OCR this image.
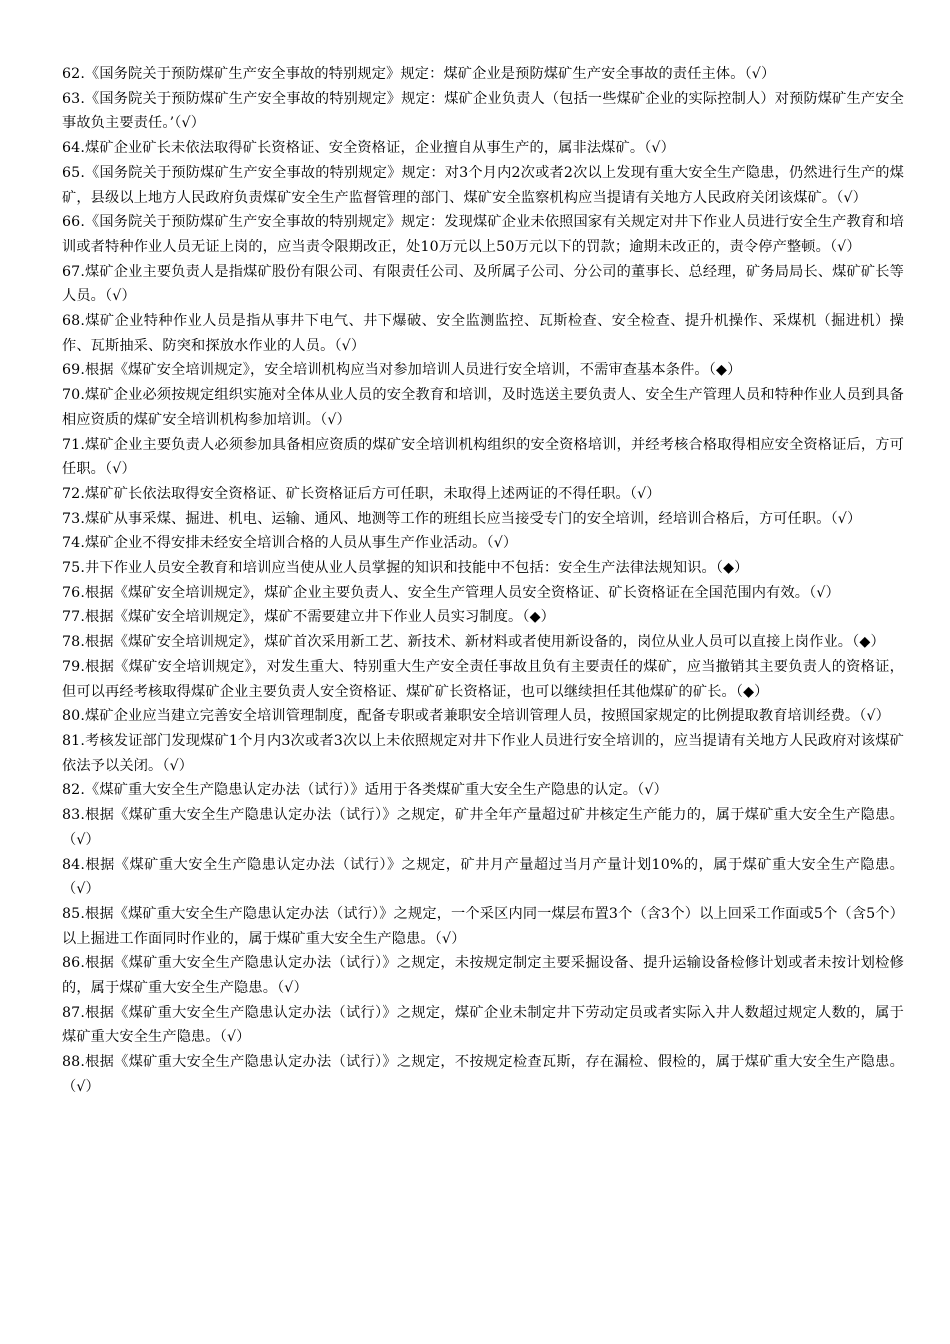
62.《国务院关于预防煤矿生产安全事故的特别规定》规定：煤矿企业是预防煤矿生产安全事故的责任主体。（√）

63.《国务院关于预防煤矿生产安全事故的特别规定》规定：煤矿企业负责人（包括一些煤矿企业的实际控制人）对预防煤矿生产安全事故负主要责任。’（√）

64.煤矿企业矿长未依法取得矿长资格证、安全资格证，企业擅自从事生产的，属非法煤矿。（√）

65.《国务院关于预防煤矿生产安全事故的特别规定》规定：对3个月内2次或者2次以上发现有重大安全生产隐患，仍然进行生产的煤矿，县级以上地方人民政府负责煤矿安全生产监督管理的部门、煤矿安全监察机构应当提请有关地方人民政府关闭该煤矿。（√）

66.《国务院关于预防煤矿生产安全事故的特别规定》规定：发现煤矿企业未依照国家有关规定对井下作业人员进行安全生产教育和培训或者特种作业人员无证上岗的，应当责令限期改正，处10万元以上50万元以下的罚款；逾期未改正的，责令停产整顿。（√）

67.煤矿企业主要负责人是指煤矿股份有限公司、有限责任公司、及所属子公司、分公司的董事长、总经理，矿务局局长、煤矿矿长等人员。（√）

68.煤矿企业特种作业人员是指从事井下电气、井下爆破、安全监测监控、瓦斯检查、安全检查、提升机操作、采煤机（掘进机）操作、瓦斯抽采、防突和探放水作业的人员。（√）

69.根据《煤矿安全培训规定》，安全培训机构应当对参加培训人员进行安全培训，不需审查基本条件。（◆）

70.煤矿企业必须按规定组织实施对全体从业人员的安全教育和培训，及时选送主要负责人、安全生产管理人员和特种作业人员到具备相应资质的煤矿安全培训机构参加培训。（√）

71.煤矿企业主要负责人必须参加具备相应资质的煤矿安全培训机构组织的安全资格培训，并经考核合格取得相应安全资格证后，方可任职。（√）

72.煤矿矿长依法取得安全资格证、矿长资格证后方可任职，未取得上述两证的不得任职。（√）

73.煤矿从事采煤、掘进、机电、运输、通风、地测等工作的班组长应当接受专门的安全培训，经培训合格后，方可任职。（√）

74.煤矿企业不得安排未经安全培训合格的人员从事生产作业活动。（√）

75.井下作业人员安全教育和培训应当使从业人员掌握的知识和技能中不包括：安全生产法律法规知识。（◆）

76.根据《煤矿安全培训规定》，煤矿企业主要负责人、安全生产管理人员安全资格证、矿长资格证在全国范围内有效。（√）

77.根据《煤矿安全培训规定》，煤矿不需要建立井下作业人员实习制度。（◆）

78.根据《煤矿安全培训规定》，煤矿首次采用新工艺、新技术、新材料或者使用新设备的，岗位从业人员可以直接上岗作业。（◆）

79.根据《煤矿安全培训规定》，对发生重大、特别重大生产安全责任事故且负有主要责任的煤矿，应当撤销其主要负责人的资格证，但可以再经考核取得煤矿企业主要负责人安全资格证、煤矿矿长资格证，也可以继续担任其他煤矿的矿长。（◆）

80.煤矿企业应当建立完善安全培训管理制度，配备专职或者兼职安全培训管理人员，按照国家规定的比例提取教育培训经费。（√）

81.考核发证部门发现煤矿1个月内3次或者3次以上未依照规定对井下作业人员进行安全培训的，应当提请有关地方人民政府对该煤矿依法予以关闭。（√）

82.《煤矿重大安全生产隐患认定办法（试行）》适用于各类煤矿重大安全生产隐患的认定。（√）

83.根据《煤矿重大安全生产隐患认定办法（试行）》之规定，矿井全年产量超过矿井核定生产能力的，属于煤矿重大安全生产隐患。（√）

84.根据《煤矿重大安全生产隐患认定办法（试行）》之规定，矿井月产量超过当月产量计划10%的，属于煤矿重大安全生产隐患。（√）

85.根据《煤矿重大安全生产隐患认定办法（试行）》之规定，一个采区内同一煤层布置3个（含3个）以上回采工作面或5个（含5个）以上掘进工作面同时作业的，属于煤矿重大安全生产隐患。（√）

86.根据《煤矿重大安全生产隐患认定办法（试行）》之规定，未按规定制定主要采掘设备、提升运输设备检修计划或者未按计划检修的，属于煤矿重大安全生产隐患。（√）

87.根据《煤矿重大安全生产隐患认定办法（试行）》之规定，煤矿企业未制定井下劳动定员或者实际入井人数超过规定人数的，属于煤矿重大安全生产隐患。（√）

88.根据《煤矿重大安全生产隐患认定办法（试行）》之规定，不按规定检查瓦斯，存在漏检、假检的，属于煤矿重大安全生产隐患。（√）
